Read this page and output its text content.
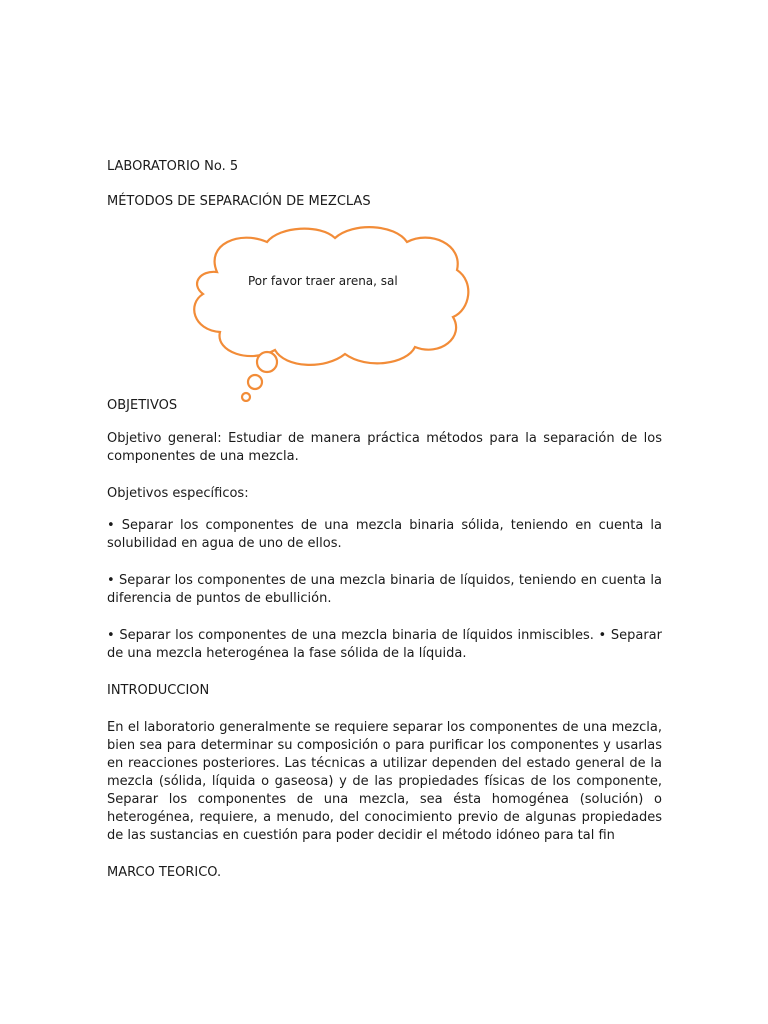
LABORATORIO No. 5
MÉTODOS DE SEPARACIÓN DE MEZCLAS
Por favor traer arena, sal
OBJETIVOS
Objetivo general: Estudiar de manera práctica métodos para la separación de los componentes de una mezcla.
Objetivos específicos:
• Separar los componentes de una mezcla binaria sólida, teniendo en cuenta la solubilidad en agua de uno de ellos.
• Separar los componentes de una mezcla binaria de líquidos, teniendo en cuenta la diferencia de puntos de ebullición.
• Separar los componentes de una mezcla binaria de líquidos inmiscibles. • Separar de una mezcla heterogénea la fase sólida de la líquida.
INTRODUCCION
En el laboratorio generalmente se requiere separar los componentes de una mezcla, bien sea para determinar su composición o para purificar los componentes y usarlas en reacciones posteriores. Las técnicas a utilizar dependen del estado general de la mezcla (sólida, líquida o gaseosa) y de las propiedades físicas de los componente, Separar los componentes de una mezcla, sea ésta homogénea (solución) o heterogénea, requiere, a menudo, del conocimiento previo de algunas propiedades de las sustancias en cuestión para poder decidir el método idóneo para tal fin
MARCO TEORICO.
